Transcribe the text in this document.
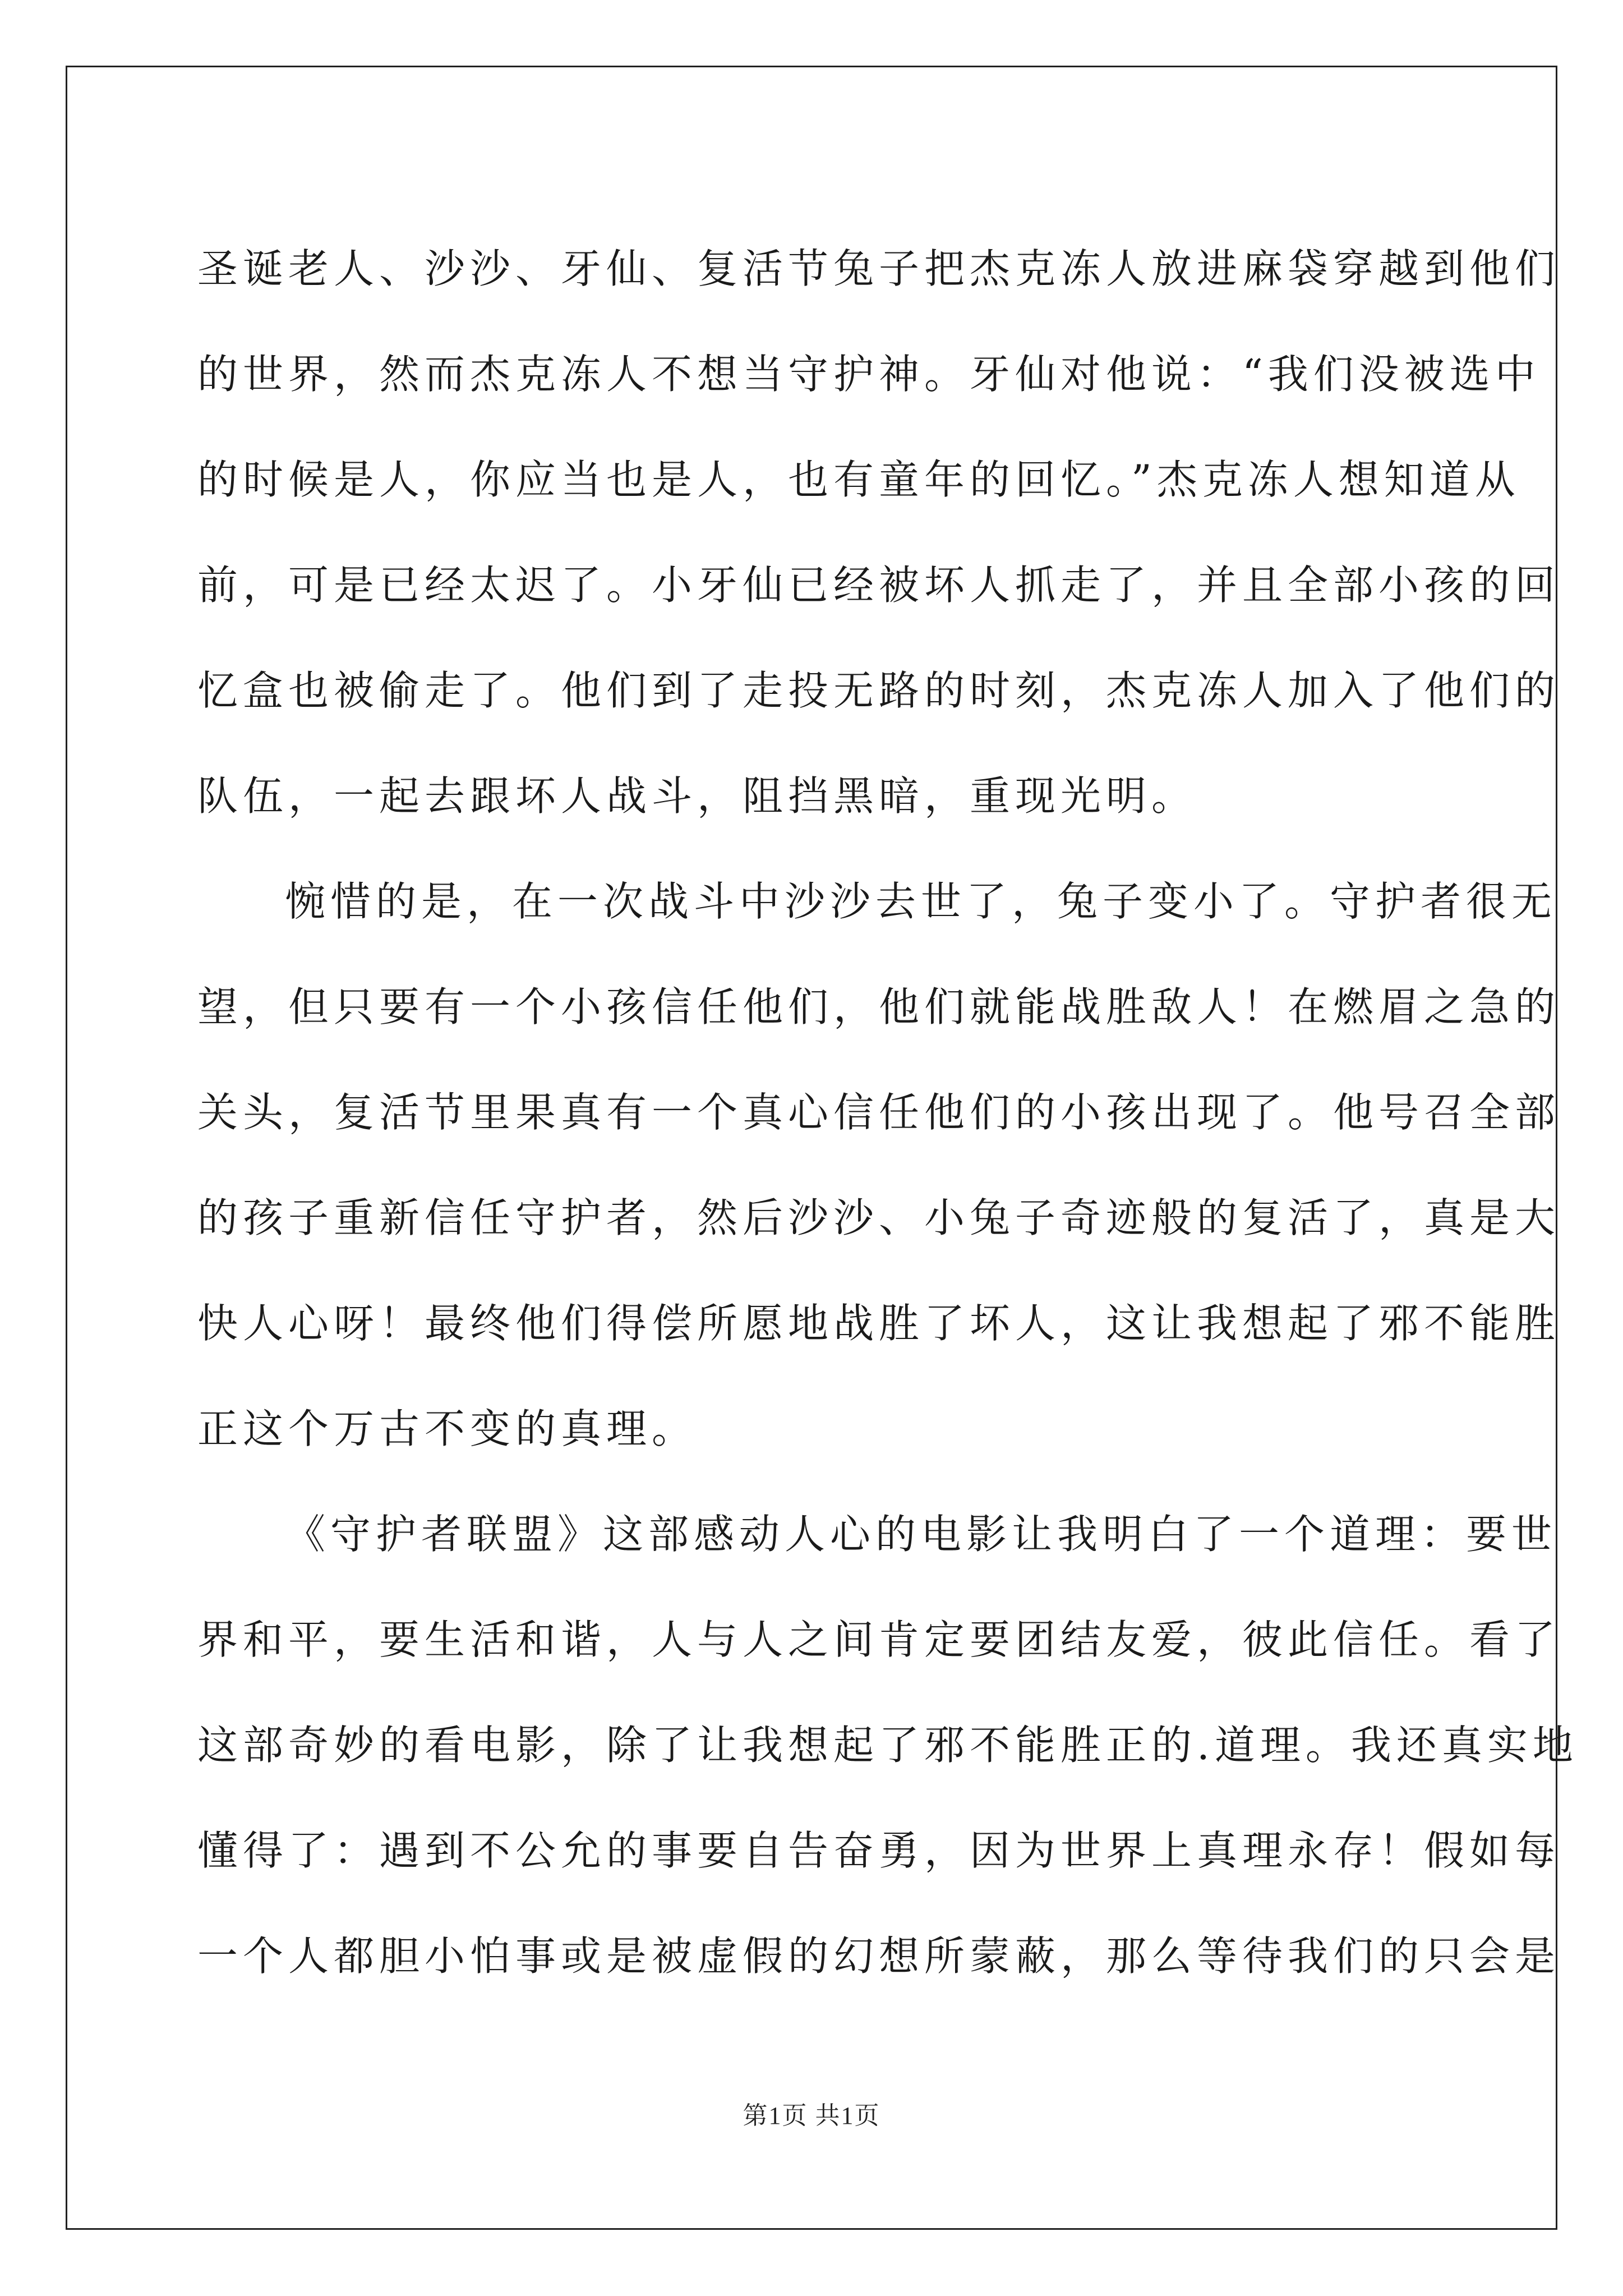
圣诞老人、沙沙、牙仙、复活节兔子把杰克冻人放进麻袋穿越到他们
的世界，然而杰克冻人不想当守护神。牙仙对他说：“我们没被选中
的时候是人，你应当也是人，也有童年的回忆。”杰克冻人想知道从
前，可是已经太迟了。小牙仙已经被坏人抓走了，并且全部小孩的回
忆盒也被偷走了。他们到了走投无路的时刻，杰克冻人加入了他们的
队伍，一起去跟坏人战斗，阻挡黑暗，重现光明。
惋惜的是，在一次战斗中沙沙去世了，兔子变小了。守护者很无
望，但只要有一个小孩信任他们，他们就能战胜敌人！在燃眉之急的
关头，复活节里果真有一个真心信任他们的小孩出现了。他号召全部
的孩子重新信任守护者，然后沙沙、小兔子奇迹般的复活了，真是大
快人心呀！最终他们得偿所愿地战胜了坏人，这让我想起了邪不能胜
正这个万古不变的真理。
《守护者联盟》这部感动人心的电影让我明白了一个道理：要世
界和平，要生活和谐，人与人之间肯定要团结友爱，彼此信任。看了
这部奇妙的看电影，除了让我想起了邪不能胜正的.道理。我还真实地
懂得了：遇到不公允的事要自告奋勇，因为世界上真理永存！假如每
一个人都胆小怕事或是被虚假的幻想所蒙蔽，那么等待我们的只会是
第1页 共1页
